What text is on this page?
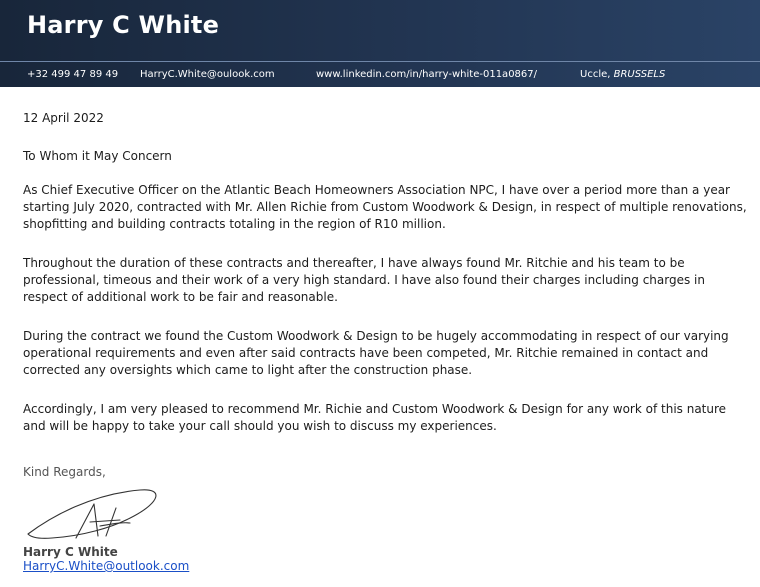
Harry C White
+32 499 47 89 49 HarryC.White@oulook.com	www.linkedin.com/in/harry-white-011a0867/	Uccle, BRUSSELS
12 April 2022
To Whom it May Concern
As Chief Executive Officer on the Atlantic Beach Homeowners Association NPC, I have over a period more than a year starting July 2020, contracted with Mr. Allen Richie from Custom Woodwork & Design, in respect of multiple renovations, shopfitting and building contracts totaling in the region of R10 million.
Throughout the duration of these contracts and thereafter, I have always found Mr. Ritchie and his team to be professional, timeous and their work of a very high standard. I have also found their charges including charges in respect of additional work to be fair and reasonable.
During the contract we found the Custom Woodwork & Design to be hugely accommodating in respect of our varying operational requirements and even after said contracts have been competed, Mr. Ritchie remained in contact and corrected any oversights which came to light after the construction phase.
Accordingly, I am very pleased to recommend Mr. Richie and Custom Woodwork & Design for any work of this nature and will be happy to take your call should you wish to discuss my experiences.
Kind Regards,
Harry C White
HarryC.White@outlook.com
